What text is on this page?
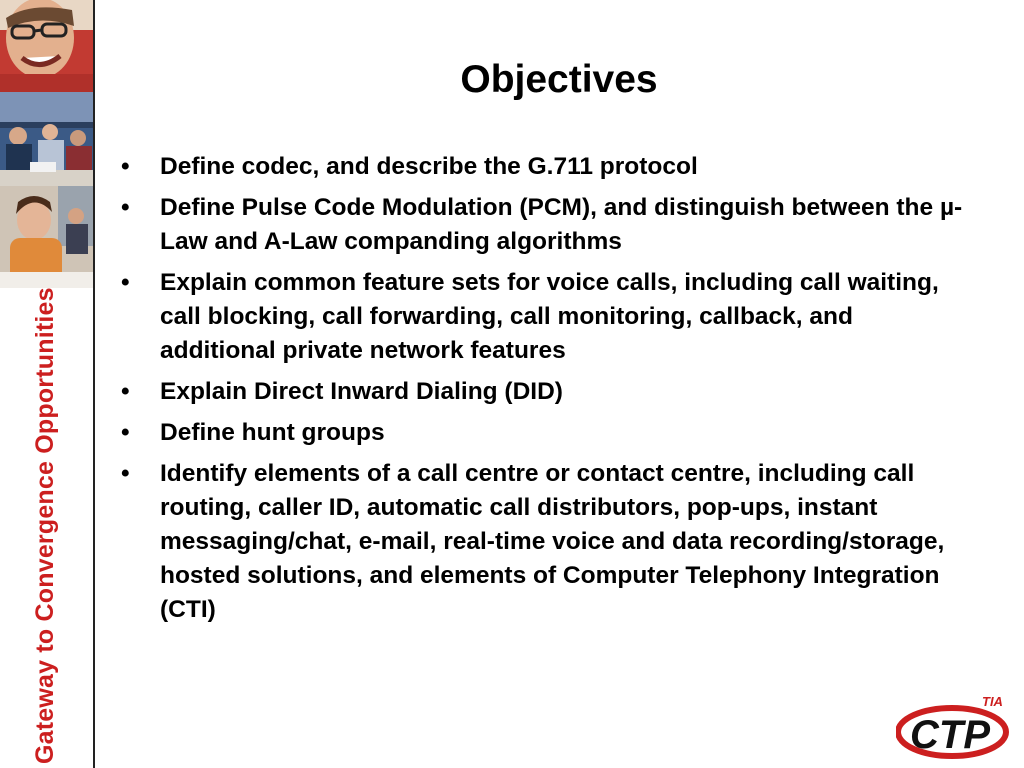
Gateway to Convergence Opportunities
Objectives
• Define codec, and describe the G.711 protocol
• Define Pulse Code Modulation (PCM), and distinguish between the µ-Law and A-Law companding algorithms
• Explain common feature sets for voice calls, including call waiting, call blocking, call forwarding, call monitoring, callback, and additional private network features
• Explain Direct Inward Dialing (DID)
• Define hunt groups
• Identify elements of a call centre or contact centre, including call routing, caller ID, automatic call distributors, pop-ups, instant messaging/chat, e-mail, real-time voice and data recording/storage, hosted solutions, and elements of Computer Telephony Integration (CTI)
CTP
TIA
